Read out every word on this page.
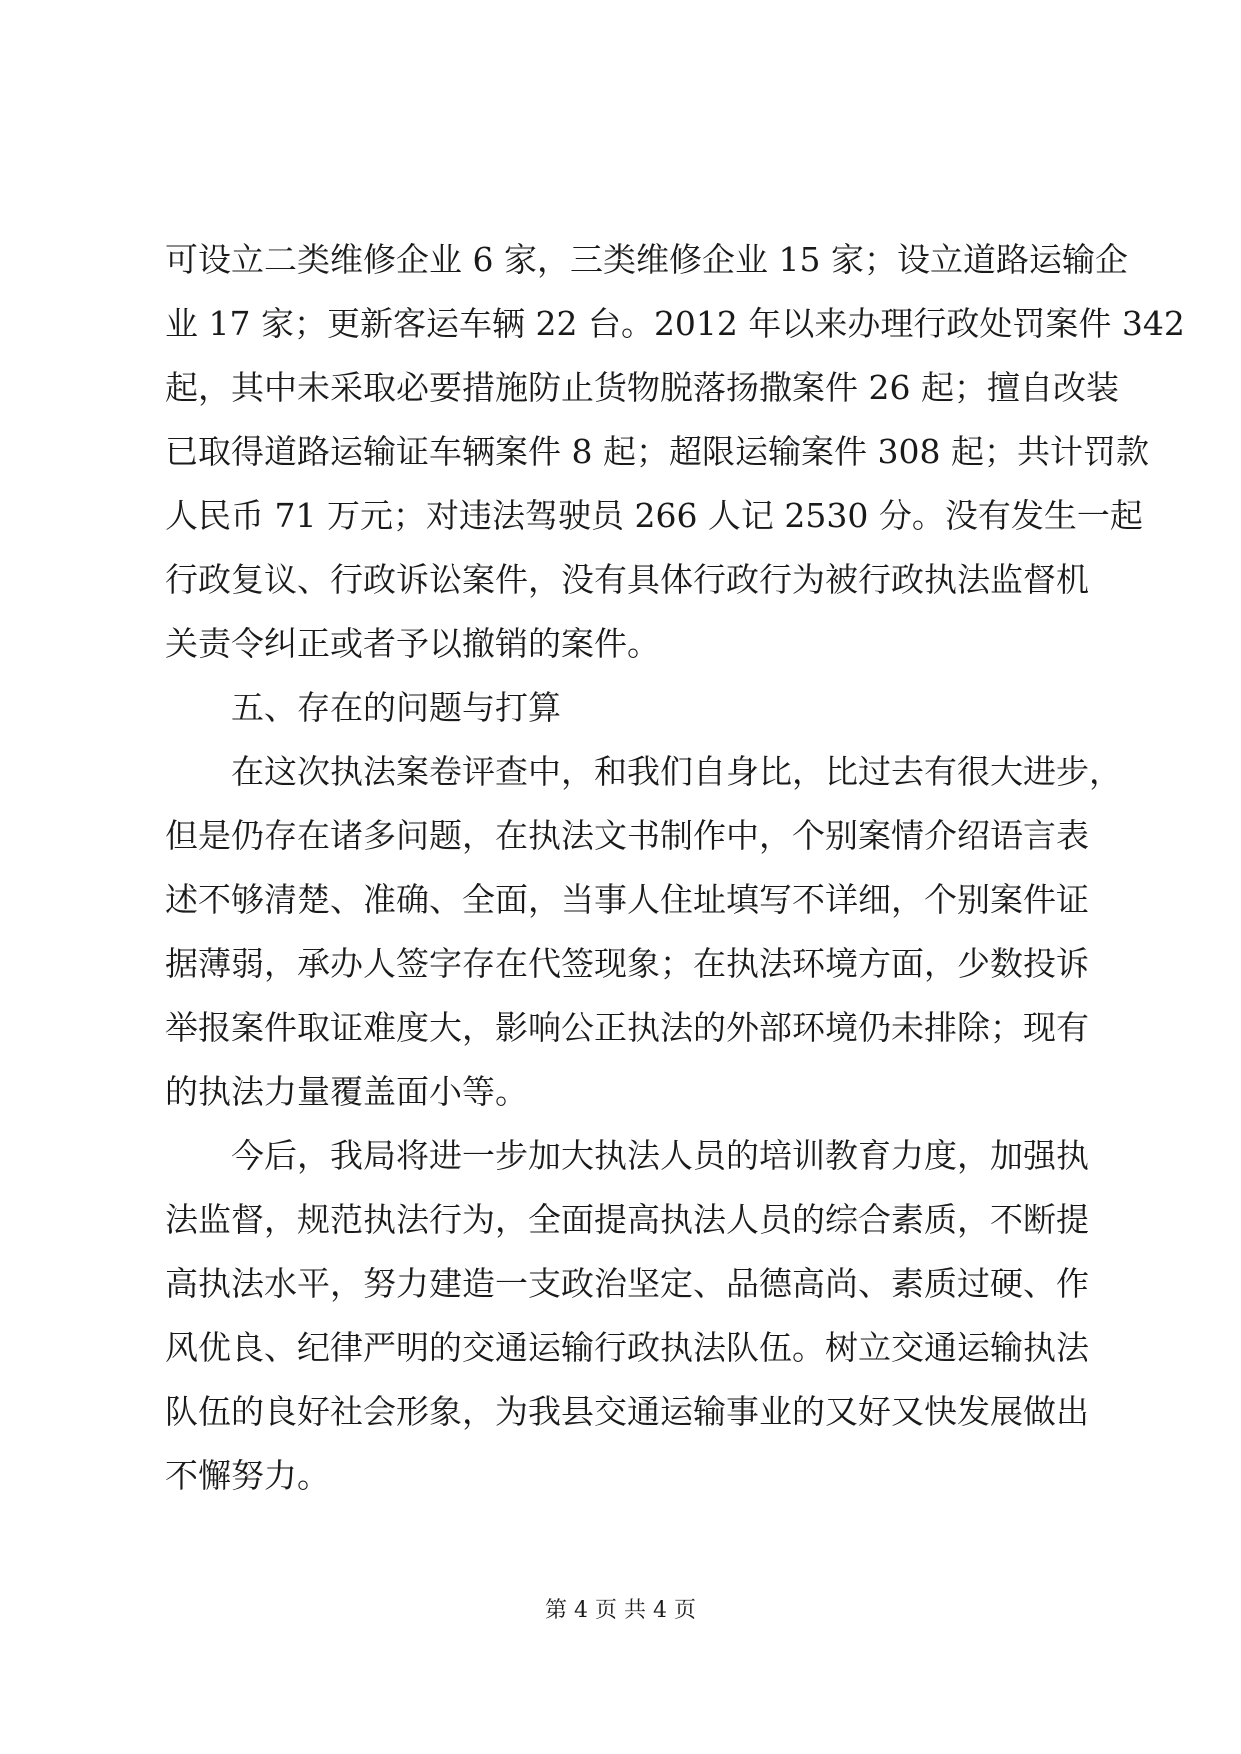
可设立二类维修企业 6 家，三类维修企业 15 家；设立道路运输企
业 17 家；更新客运车辆 22 台。2012 年以来办理行政处罚案件 342
起，其中未采取必要措施防止货物脱落扬撒案件 26 起；擅自改装
已取得道路运输证车辆案件 8 起；超限运输案件 308 起；共计罚款
人民币 71 万元；对违法驾驶员 266 人记 2530 分。没有发生一起
行政复议、行政诉讼案件，没有具体行政行为被行政执法监督机
关责令纠正或者予以撤销的案件。
五、存在的问题与打算
在这次执法案卷评查中，和我们自身比，比过去有很大进步，
但是仍存在诸多问题，在执法文书制作中，个别案情介绍语言表
述不够清楚、准确、全面，当事人住址填写不详细，个别案件证
据薄弱，承办人签字存在代签现象；在执法环境方面，少数投诉
举报案件取证难度大，影响公正执法的外部环境仍未排除；现有
的执法力量覆盖面小等。
今后，我局将进一步加大执法人员的培训教育力度，加强执
法监督，规范执法行为，全面提高执法人员的综合素质，不断提
高执法水平，努力建造一支政治坚定、品德高尚、素质过硬、作
风优良、纪律严明的交通运输行政执法队伍。树立交通运输执法
队伍的良好社会形象，为我县交通运输事业的又好又快发展做出
不懈努力。
第 4 页 共 4 页
